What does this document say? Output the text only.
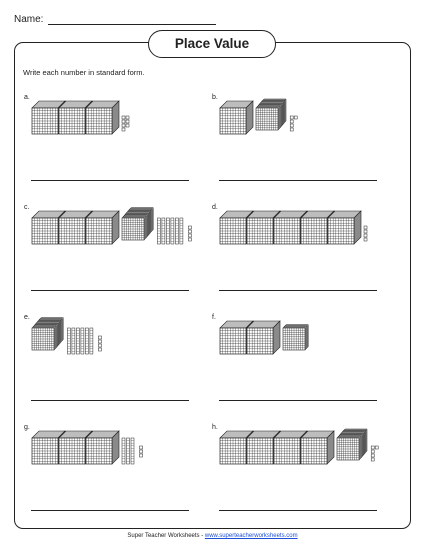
Name:
Place Value
Write each number in standard form.
a.	b.
c.	d.
e.	f.
g.	h.
Super Teacher Worksheets - www.superteacherworksheets.com
